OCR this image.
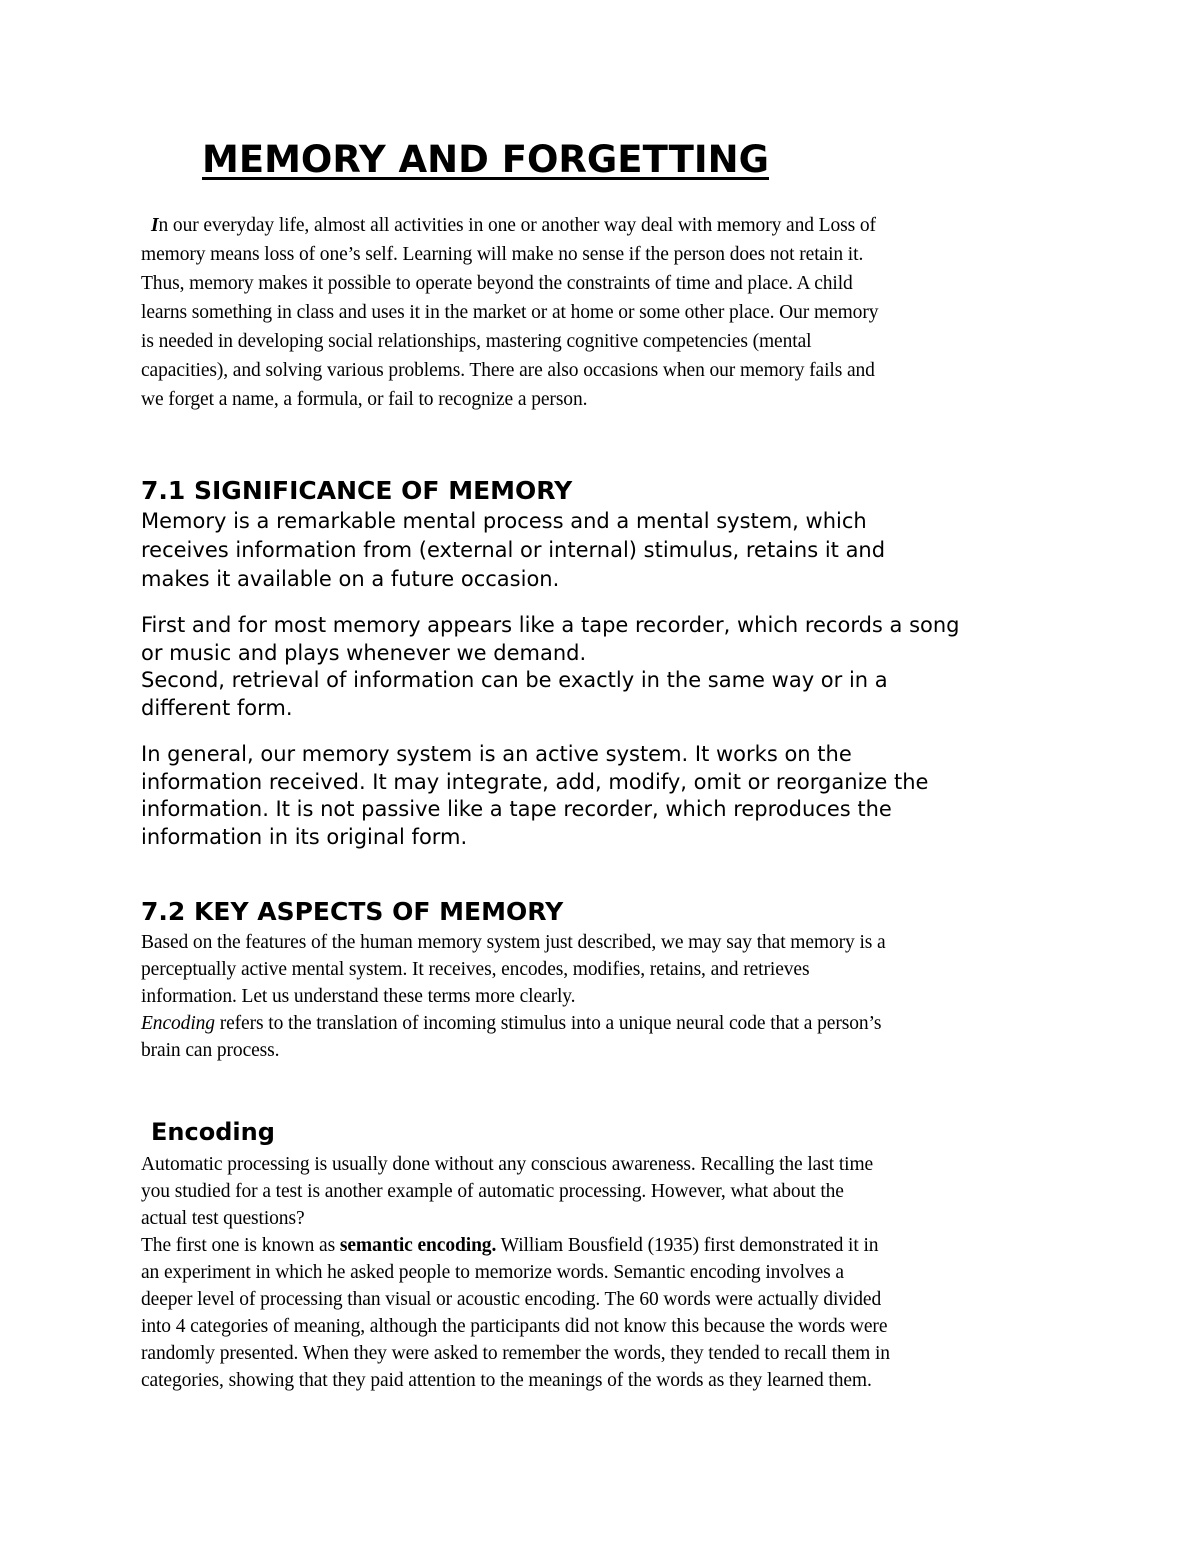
MEMORY AND FORGETTING

In our everyday life, almost all activities in one or another way deal with memory and Loss of
memory means loss of one’s self. Learning will make no sense if the person does not retain it.
Thus, memory makes it possible to operate beyond the constraints of time and place. A child
learns something in class and uses it in the market or at home or some other place. Our memory
is needed in developing social relationships, mastering cognitive competencies (mental
capacities), and solving various problems. There are also occasions when our memory fails and
we forget a name, a formula, or fail to recognize a person.

7.1 SIGNIFICANCE OF MEMORY

Memory is a remarkable mental process and a mental system, which
receives information from (external or internal) stimulus, retains it and
makes it available on a future occasion.

First and for most memory appears like a tape recorder, which records a song
or music and plays whenever we demand.
Second, retrieval of information can be exactly in the same way or in a
different form.

In general, our memory system is an active system. It works on the
information received. It may integrate, add, modify, omit or reorganize the
information. It is not passive like a tape recorder, which reproduces the
information in its original form.

7.2 KEY ASPECTS OF MEMORY

Based on the features of the human memory system just described, we may say that memory is a
perceptually active mental system. It receives, encodes, modifies, retains, and retrieves
information. Let us understand these terms more clearly.
Encoding refers to the translation of incoming stimulus into a unique neural code that a person’s
brain can process.

Encoding

Automatic processing is usually done without any conscious awareness. Recalling the last time
you studied for a test is another example of automatic processing. However, what about the
actual test questions?
The first one is known as semantic encoding. William Bousfield (1935) first demonstrated it in
an experiment in which he asked people to memorize words. Semantic encoding involves a
deeper level of processing than visual or acoustic encoding. The 60 words were actually divided
into 4 categories of meaning, although the participants did not know this because the words were
randomly presented. When they were asked to remember the words, they tended to recall them in
categories, showing that they paid attention to the meanings of the words as they learned them.
